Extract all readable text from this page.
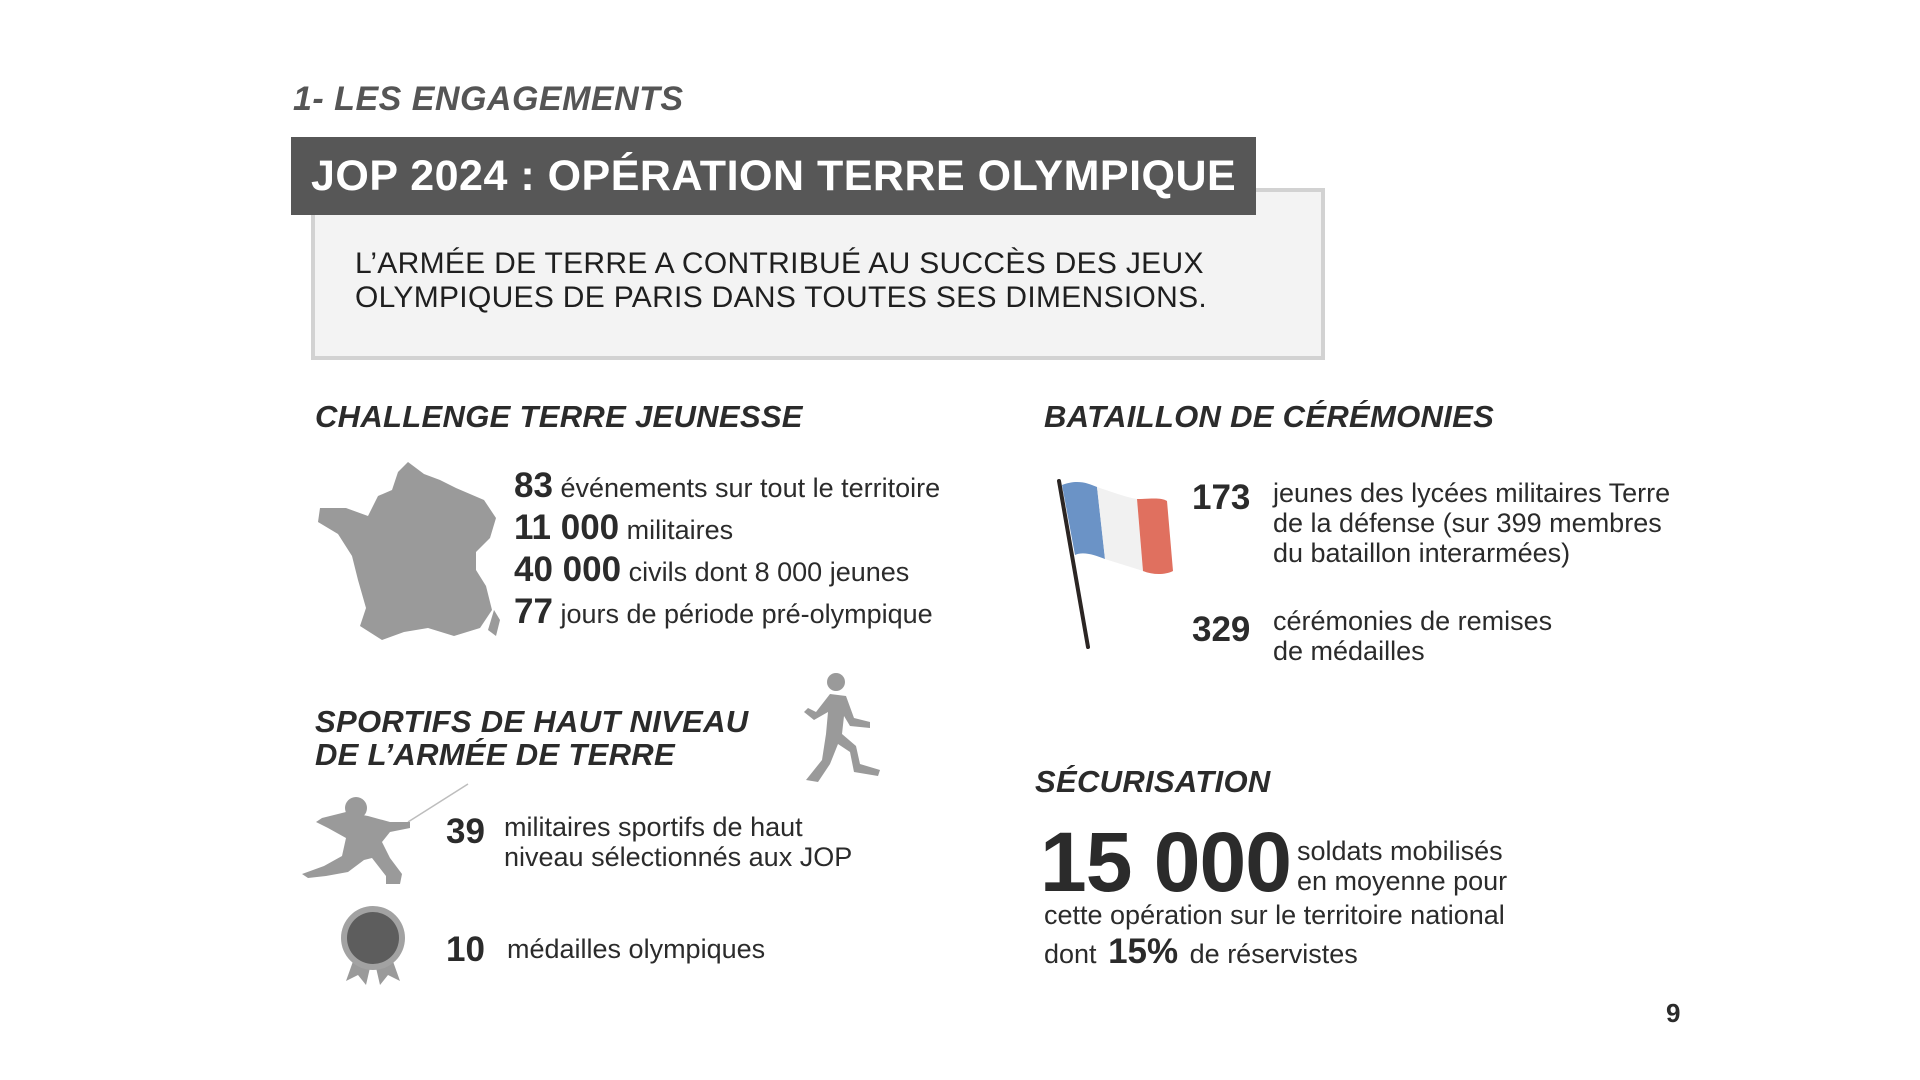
1- LES ENGAGEMENTS
JOP 2024 : OPÉRATION TERRE OLYMPIQUE
L’ARMÉE DE TERRE A CONTRIBUÉ AU SUCCÈS DES JEUX
OLYMPIQUES DE PARIS DANS TOUTES SES DIMENSIONS.
CHALLENGE TERRE JEUNESSE
83 événements sur tout le territoire
11 000 militaires
40 000 civils dont 8 000 jeunes
77 jours de période pré-olympique
BATAILLON DE CÉRÉMONIES
173 jeunes des lycées militaires Terre
de la défense (sur 399 membres
du bataillon interarmées)
329 cérémonies de remises
de médailles
SPORTIFS DE HAUT NIVEAU
DE L’ARMÉE DE TERRE
39 militaires sportifs de haut
niveau sélectionnés aux JOP
10 médailles olympiques
SÉCURISATION
15 000 soldats mobilisés
en moyenne pour
cette opération sur le territoire national
dont 15% de réservistes
9
